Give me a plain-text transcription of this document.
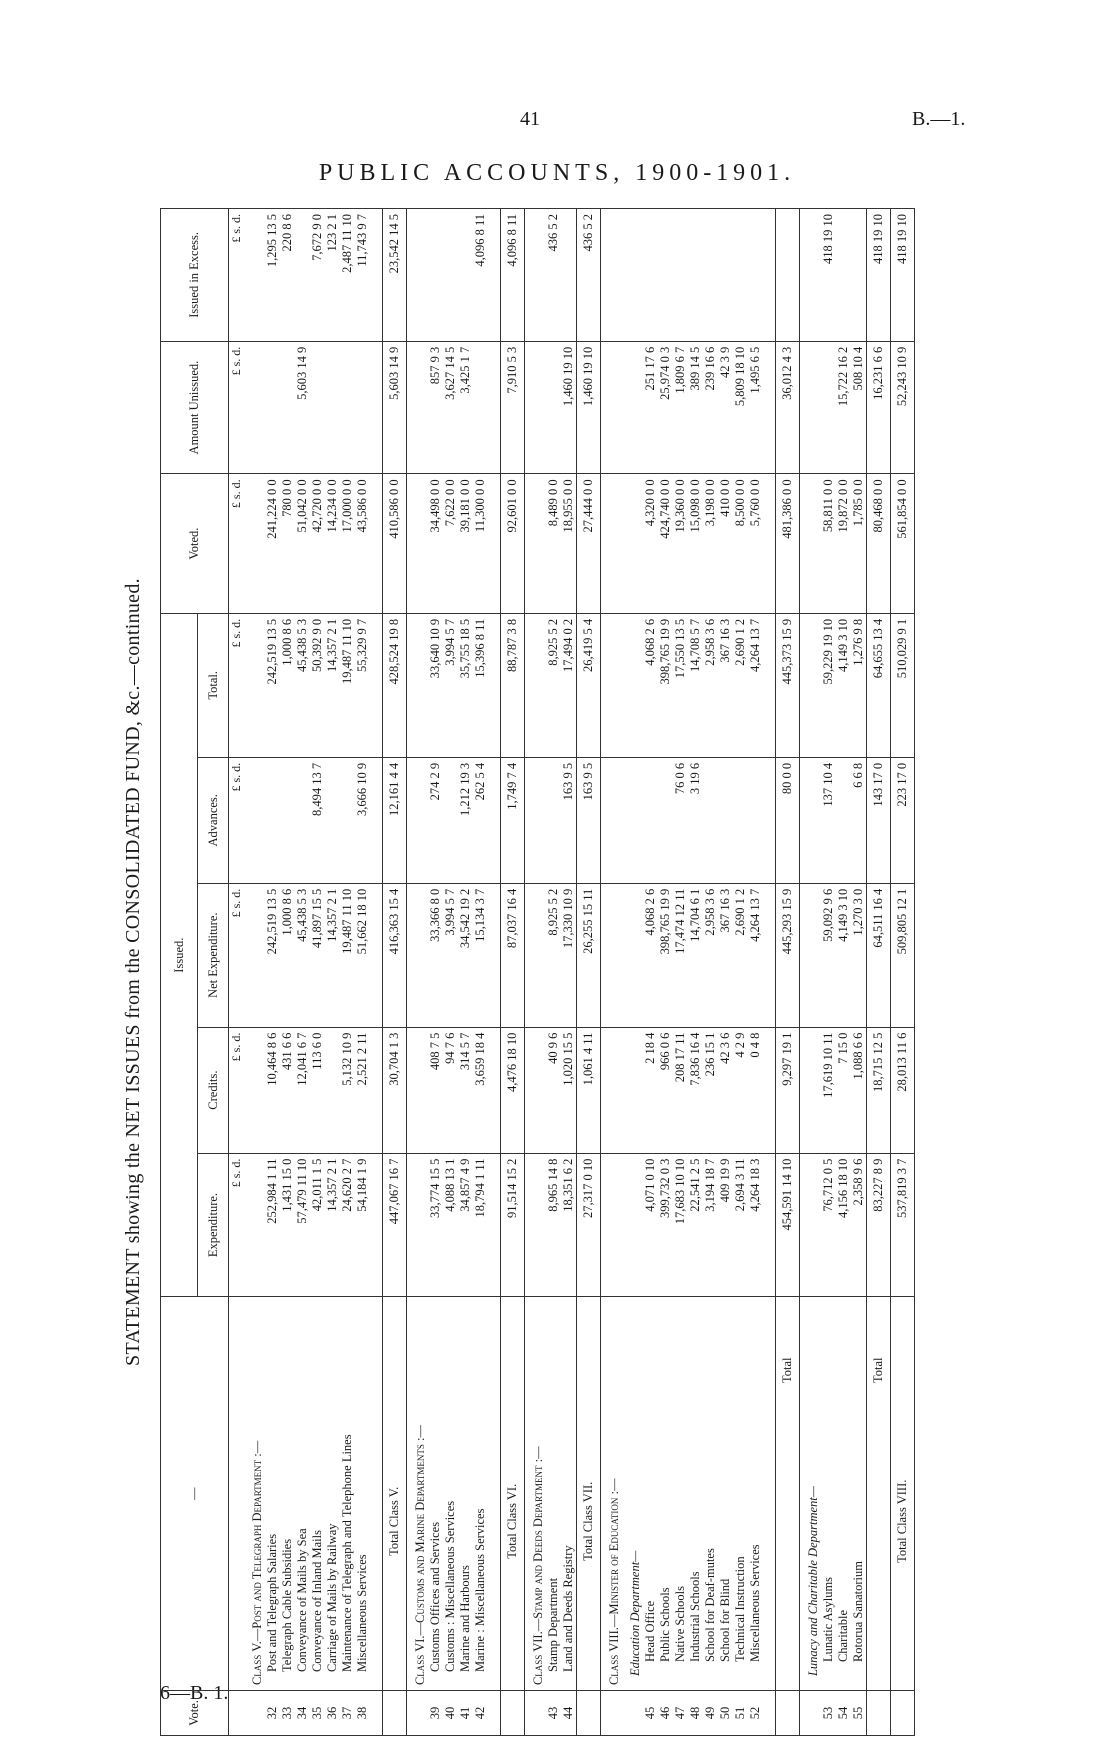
41	B.—1.
PUBLIC ACCOUNTS, 1900-1901.
6—B. 1.
STATEMENT showing the NET ISSUES from the CONSOLIDATED FUND, &c.—continued.
Vote.	—	Issued.					Voted.	Amount Unissued.	Issued in Excess.
		Expenditure.	Credits.	Net Expenditure.	Advances.	Total.			
		£ s. d.	£ s. d.	£ s. d.	£ s. d.	£ s. d.	£ s. d.	£ s. d.	£ s. d.
	Class V.—Post and Telegraph Department :—								
32	Post and Telegraph Salaries	252,984 1 11	10,464 8 6	242,519 13 5		242,519 13 5	241,224 0 0		1,295 13 5
33	Telegraph Cable Subsidies	1,431 15 0	431 6 6	1,000 8 6		1,000 8 6	780 0 0		220 8 6
34	Conveyance of Mails by Sea	57,479 11 10	12,041 6 7	45,438 5 3		45,438 5 3	51,042 0 0	5,603 14 9	
35	Conveyance of Inland Mails	42,011 1 5	113 6 0	41,897 15 5	8,494 13 7	50,392 9 0	42,720 0 0		7,672 9 0
36	Carriage of Mails by Railway	14,357 2 1		14,357 2 1		14,357 2 1	14,234 0 0		123 2 1
37	Maintenance of Telegraph and Telephone Lines	24,620 2 7	5,132 10 9	19,487 11 10		19,487 11 10	17,000 0 0		2,487 11 10
38	Miscellaneous Services	54,184 1 9	2,521 2 11	51,662 18 10	3,666 10 9	55,329 9 7	43,586 0 0		11,743 9 7

	Total Class V.	447,067 16 7	30,704 1 3	416,363 15 4	12,161 4 4	428,524 19 8	410,586 0 0	5,603 14 9	23,542 14 5
	Class VI.—Customs and Marine Departments :—								
39	Customs Offices and Services	33,774 15 5	408 7 5	33,366 8 0	274 2 9	33,640 10 9	34,498 0 0	857 9 3	
40	Customs : Miscellaneous Services	4,088 13 1	94 7 6	3,994 5 7		3,994 5 7	7,622 0 0	3,627 14 5	
41	Marine and Harbours	34,857 4 9	314 5 7	34,542 19 2	1,212 19 3	35,755 18 5	39,181 0 0	3,425 1 7	
42	Marine : Miscellaneous Services	18,794 1 11	3,659 18 4	15,134 3 7	262 5 4	15,396 8 11	11,300 0 0		4,096 8 11

	Total Class VI.	91,514 15 2	4,476 18 10	87,037 16 4	1,749 7 4	88,787 3 8	92,601 0 0	7,910 5 3	4,096 8 11
	Class VII.—Stamp and Deeds Department :—								
43	Stamp Department	8,965 14 8	40 9 6	8,925 5 2		8,925 5 2	8,489 0 0		436 5 2
44	Land and Deeds Registry	18,351 6 2	1,020 15 5	17,330 10 9	163 9 5	17,494 0 2	18,955 0 0	1,460 19 10	
	Total Class VII.	27,317 0 10	1,061 4 11	26,255 15 11	163 9 5	26,419 5 4	27,444 0 0	1,460 19 10	436 5 2
	Class VIII.—Minister of Education :—								
	Education Department—								
45	Head Office	4,071 0 10	2 18 4	4,068 2 6		4,068 2 6	4,320 0 0	251 17 6	
46	Public Schools	399,732 0 3	966 0 6	398,765 19 9		398,765 19 9	424,740 0 0	25,974 0 3	
47	Native Schools	17,683 10 10	208 17 11	17,474 12 11	76 0 6	17,550 13 5	19,360 0 0	1,809 6 7	
48	Industrial Schools	22,541 2 5	7,836 16 4	14,704 6 1	3 19 6	14,708 5 7	15,098 0 0	389 14 5	
49	School for Deaf-mutes	3,194 18 7	236 15 1	2,958 3 6		2,958 3 6	3,198 0 0	239 16 6	
50	School for Blind	409 19 9	42 3 6	367 16 3		367 16 3	410 0 0	42 3 9	
51	Technical Instruction	2,694 3 11	4 2 9	2,690 1 2		2,690 1 2	8,500 0 0	5,809 18 10	
52	Miscellaneous Services	4,264 18 3	0 4 8	4,264 13 7		4,264 13 7	5,760 0 0	1,495 6 5	

	Total	454,591 14 10	9,297 19 1	445,293 15 9	80 0 0	445,373 15 9	481,386 0 0	36,012 4 3	
	Lunacy and Charitable Department—								
53	Lunatic Asylums	76,712 0 5	17,619 10 11	59,092 9 6	137 10 4	59,229 19 10	58,811 0 0		418 19 10
54	Charitable	4,156 18 10	7 15 0	4,149 3 10		4,149 3 10	19,872 0 0	15,722 16 2	
55	Rotorua Sanatorium	2,358 9 6	1,088 6 6	1,270 3 0	6 6 8	1,276 9 8	1,785 0 0	508 10 4	
	Total	83,227 8 9	18,715 12 5	64,511 16 4	143 17 0	64,655 13 4	80,468 0 0	16,231 6 6	418 19 10
	Total Class VIII.	537,819 3 7	28,013 11 6	509,805 12 1	223 17 0	510,029 9 1	561,854 0 0	52,243 10 9	418 19 10
